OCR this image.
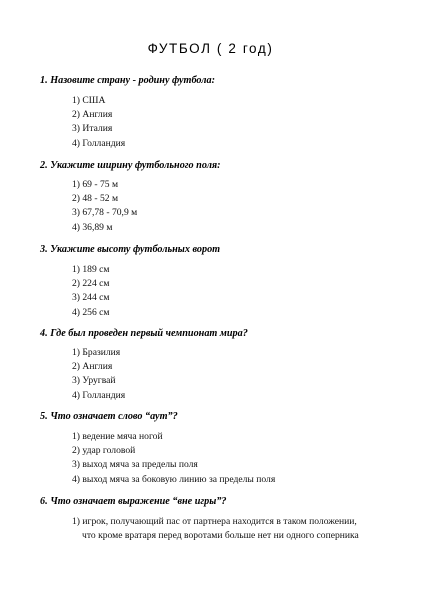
ФУТБОЛ ( 2 год)
1. Назовите страну - родину футбола:
1) США
2) Англия
3) Италия
4) Голландия
2. Укажите ширину футбольного поля:
1) 69 - 75 м
2) 48 - 52 м
3) 67,78 - 70,9 м
4) 36,89 м
3. Укажите высоту футбольных ворот
1) 189 см
2) 224 см
3) 244 см
4) 256 см
4. Где был проведен первый чемпионат мира?
1) Бразилия
2) Англия
3) Уругвай
4) Голландия
5. Что означает слово “аут”?
1) ведение мяча ногой
2) удар головой
3) выход мяча за пределы поля
4) выход мяча за боковую линию за пределы поля
6. Что означает выражение “вне игры”?
1) игрок, получающий пас от партнера находится в таком положении,
что кроме вратаря перед воротами больше нет ни одного соперника
